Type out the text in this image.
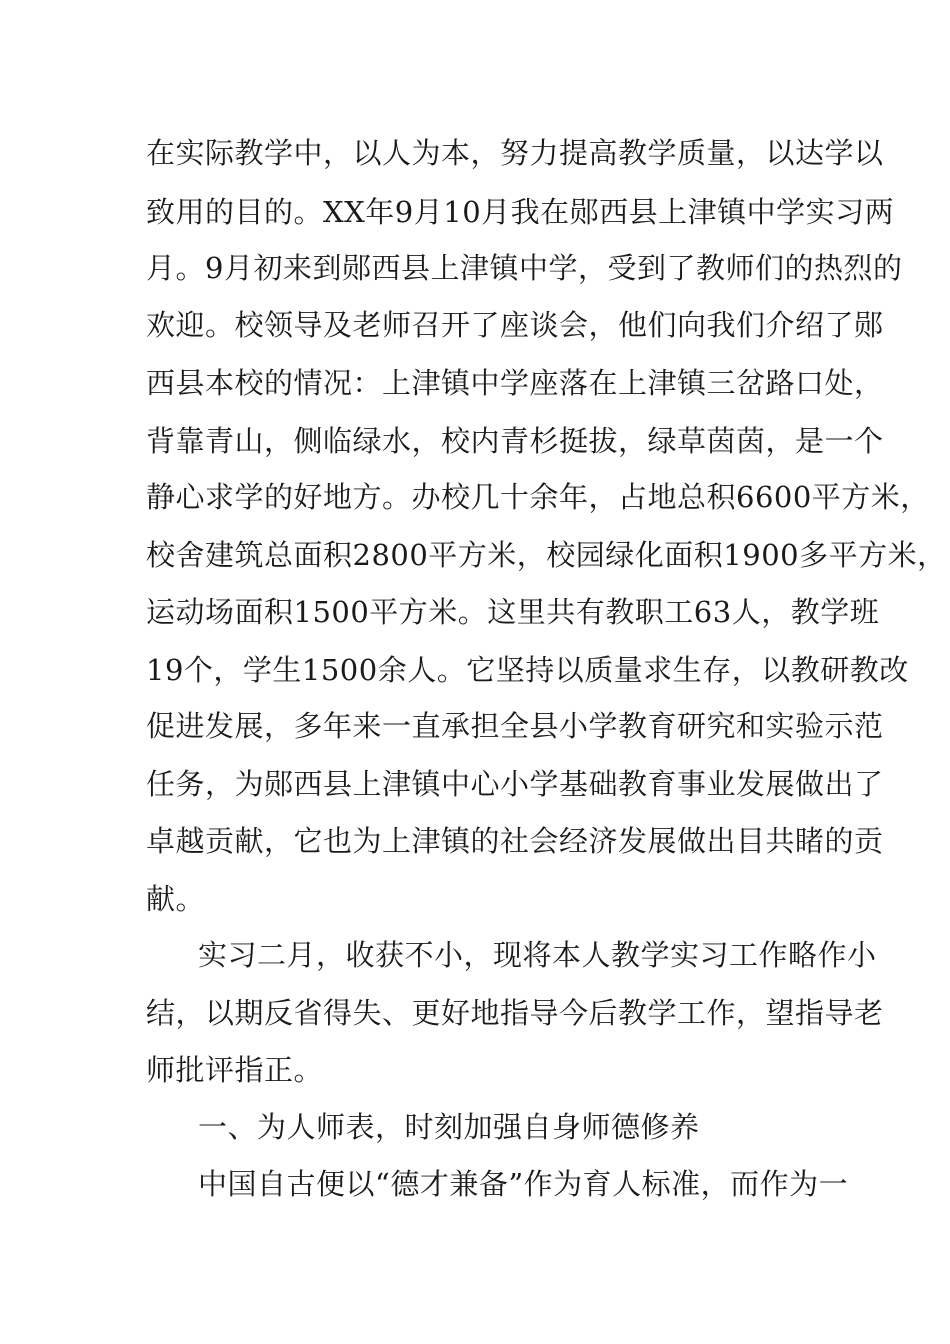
在实际教学中，以人为本，努力提高教学质量，以达学以

致用的目的。XX年9月10月我在郧西县上津镇中学实习两

月。9月初来到郧西县上津镇中学，受到了教师们的热烈的

欢迎。校领导及老师召开了座谈会，他们向我们介绍了郧

西县本校的情况：上津镇中学座落在上津镇三岔路口处，

背靠青山，侧临绿水，校内青杉挺拔，绿草茵茵，是一个

静心求学的好地方。办校几十余年，占地总积6600平方米，

校舍建筑总面积2800平方米，校园绿化面积1900多平方米，

运动场面积1500平方米。这里共有教职工63人，教学班

19个，学生1500余人。它坚持以质量求生存，以教研教改

促进发展，多年来一直承担全县小学教育研究和实验示范

任务，为郧西县上津镇中心小学基础教育事业发展做出了

卓越贡献，它也为上津镇的社会经济发展做出目共睹的贡

献。

实习二月，收获不小，现将本人教学实习工作略作小

结，以期反省得失、更好地指导今后教学工作，望指导老

师批评指正。

一、为人师表，时刻加强自身师德修养

中国自古便以“德才兼备”作为育人标准，而作为一
